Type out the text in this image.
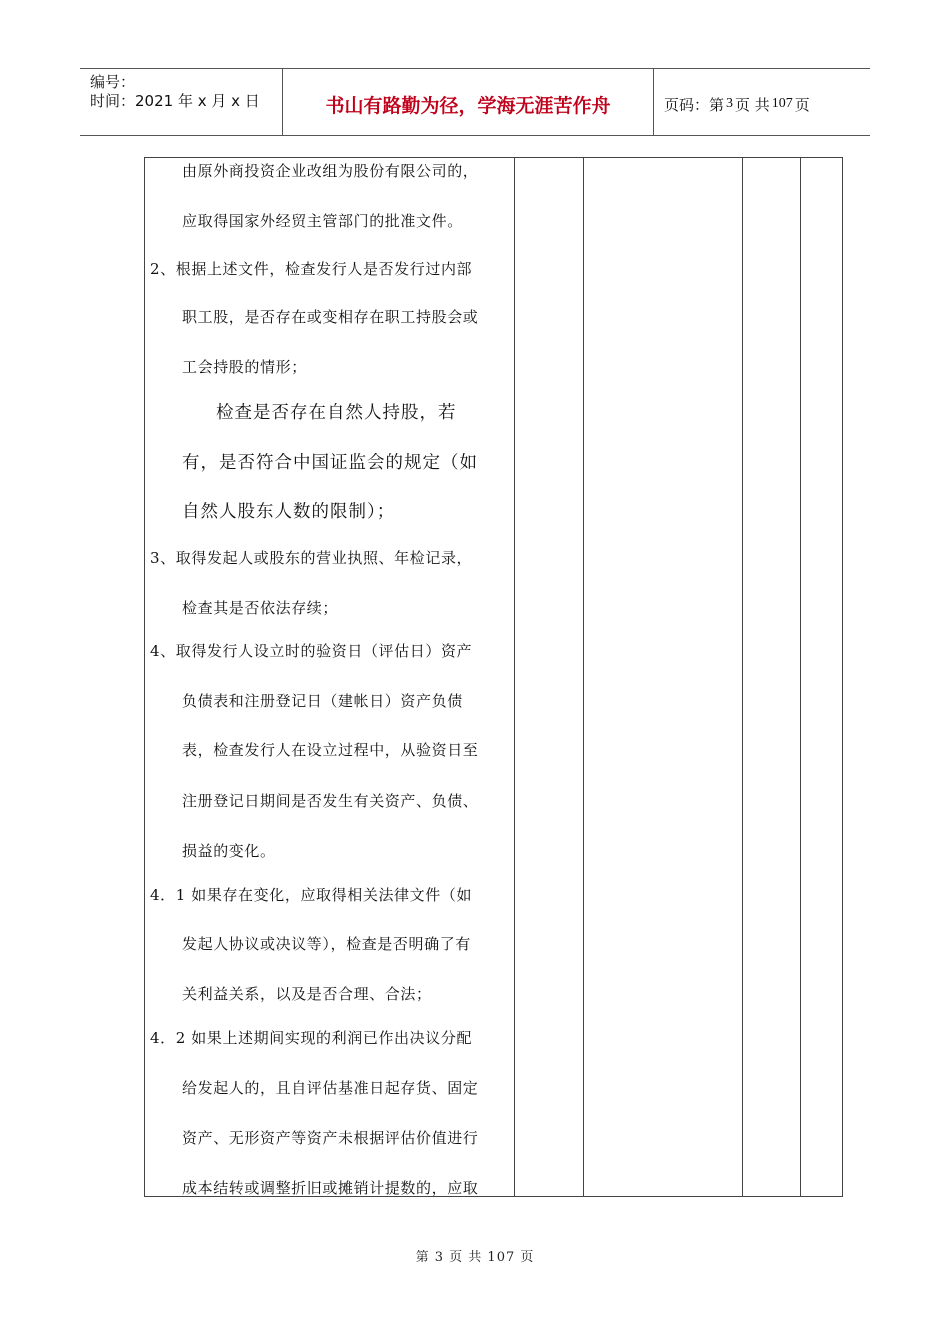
编号：
时间：2021 年 x 月 x 日	书山有路勤为径，学海无涯苦作舟	页码：第 3 页 共 107 页
由原外商投资企业改组为股份有限公司的，
应取得国家外经贸主管部门的批准文件。
2、根据上述文件，检查发行人是否发行过内部
职工股，是否存在或变相存在职工持股会或
工会持股的情形；
检查是否存在自然人持股，若
有，是否符合中国证监会的规定（如
自然人股东人数的限制）；
3、取得发起人或股东的营业执照、年检记录，
检查其是否依法存续；
4、取得发行人设立时的验资日（评估日）资产
负债表和注册登记日（建帐日）资产负债
表，检查发行人在设立过程中，从验资日至
注册登记日期间是否发生有关资产、负债、
损益的变化。
4．1 如果存在变化，应取得相关法律文件（如
发起人协议或决议等），检查是否明确了有
关利益关系，以及是否合理、合法；
4．2 如果上述期间实现的利润已作出决议分配
给发起人的，且自评估基准日起存货、固定
资产、无形资产等资产未根据评估价值进行
成本结转或调整折旧或摊销计提数的，应取
第 3 页 共 107 页
